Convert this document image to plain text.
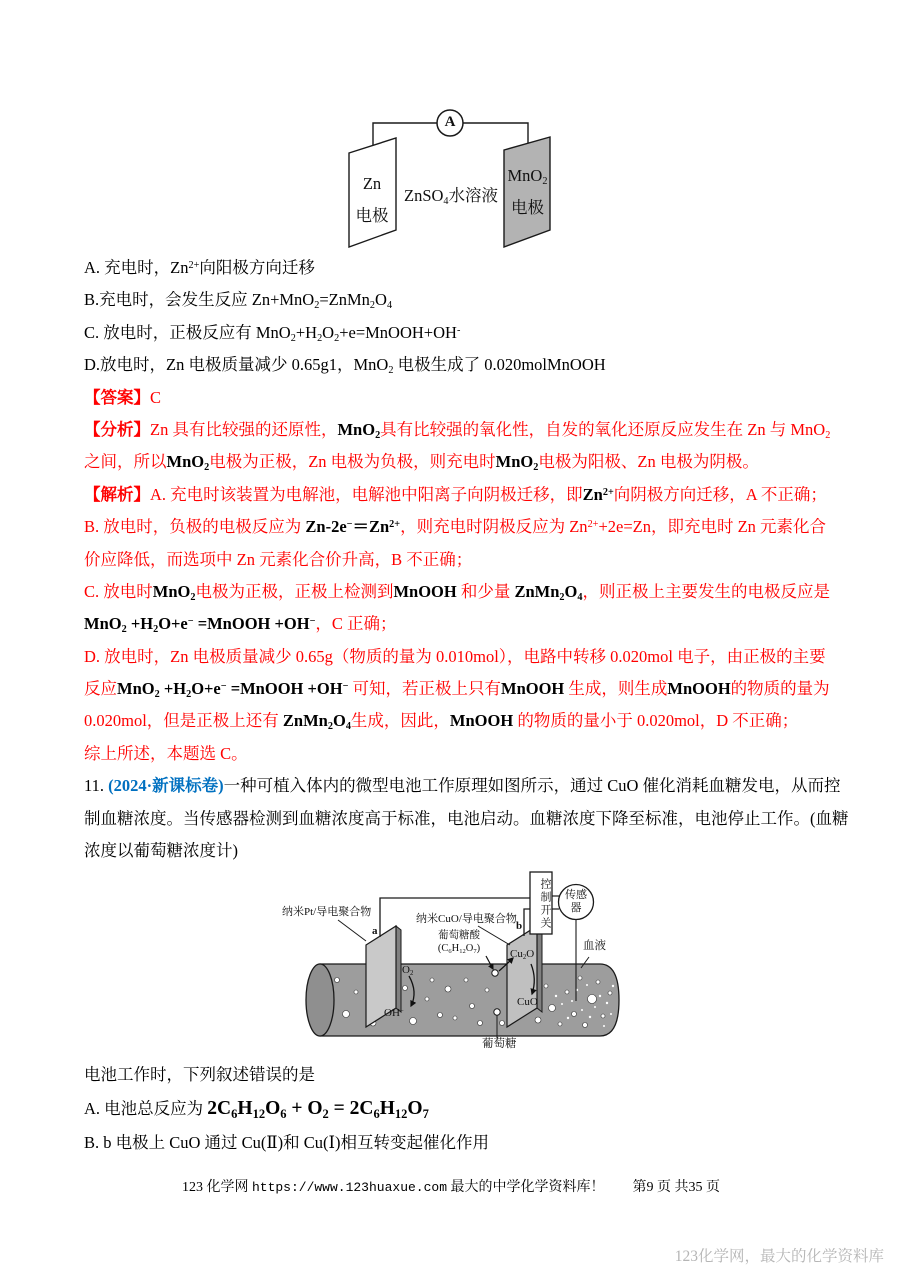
A
Zn
电极
ZnSO4水溶液
MnO2
电极
A. 充电时，$Zn^{2+}$向阳极方向迁移
B.充电时，会发生反应 Zn+MnO2=ZnMn2O4
C. 放电时，正极反应有 MnO2+H2O2+e=MnOOH+OH-
D.放电时，Zn 电极质量减少 0.65g1，MnO2 电极生成了 0.020molMnOOH
【答案】C
【分析】Zn 具有比较强的还原性，MnO2具有比较强的氧化性，自发的氧化还原反应发生在 Zn 与 MnO2
之间，所以MnO2电极为正极，Zn 电极为负极，则充电时MnO2电极为阳极、Zn 电极为阴极。
【解析】A. 充电时该装置为电解池，电解池中阳离子向阴极迁移，即$Zn^{2+}$向阴极方向迁移，A 不正确；
B. 放电时，负极的电极反应为 $Zn-2e^-=Zn^{2+}$，则充电时阴极反应为 $Zn^{2+}+2e=Zn$，即充电时 Zn 元素化合
价应降低，而选项中 Zn 元素化合价升高，B 不正确；
C. 放电时MnO2电极为正极，正极上检测到MnOOH 和少量 ZnMn2O4，则正极上主要发生的电极反应是
MnO2 +H2O+e− =MnOOH +OH−，C 正确；
D. 放电时，Zn 电极质量减少 0.65g（物质的量为 0.010mol），电路中转移 0.020mol 电子，由正极的主要
反应MnO2 +H2O+e− =MnOOH +OH− 可知，若正极上只有MnOOH 生成，则生成MnOOH的物质的量为
0.020mol，但是正极上还有 ZnMn2O4生成，因此，MnOOH 的物质的量小于 0.020mol，D 不正确；
综上所述，本题选 C。
11. (2024·新课标卷)一种可植入体内的微型电池工作原理如图所示，通过 CuO 催化消耗血糖发电，从而控
制血糖浓度。当传感器检测到血糖浓度高于标准，电池启动。血糖浓度下降至标准，电池停止工作。(血糖
浓度以葡萄糖浓度计)
纳米Pt/导电聚合物
纳米CuO/导电聚合物
a	b
葡萄糖酸
(C6H12O7)
O2
OH−
Cu2O
CuO
控制开关 传感器
血液
葡萄糖
电池工作时，下列叙述错误的是
A. 电池总反应为 $2C_6H_{12}O_6 + O_2 = 2C_6H_{12}O_7$
B. b 电极上 CuO 通过 Cu(Ⅱ)和 Cu(Ⅰ)相互转变起催化作用
123 化学网 https://www.123huaxue.com 最大的中学化学资料库！　　第9 页 共35 页
123化学网，最大的化学资料库
